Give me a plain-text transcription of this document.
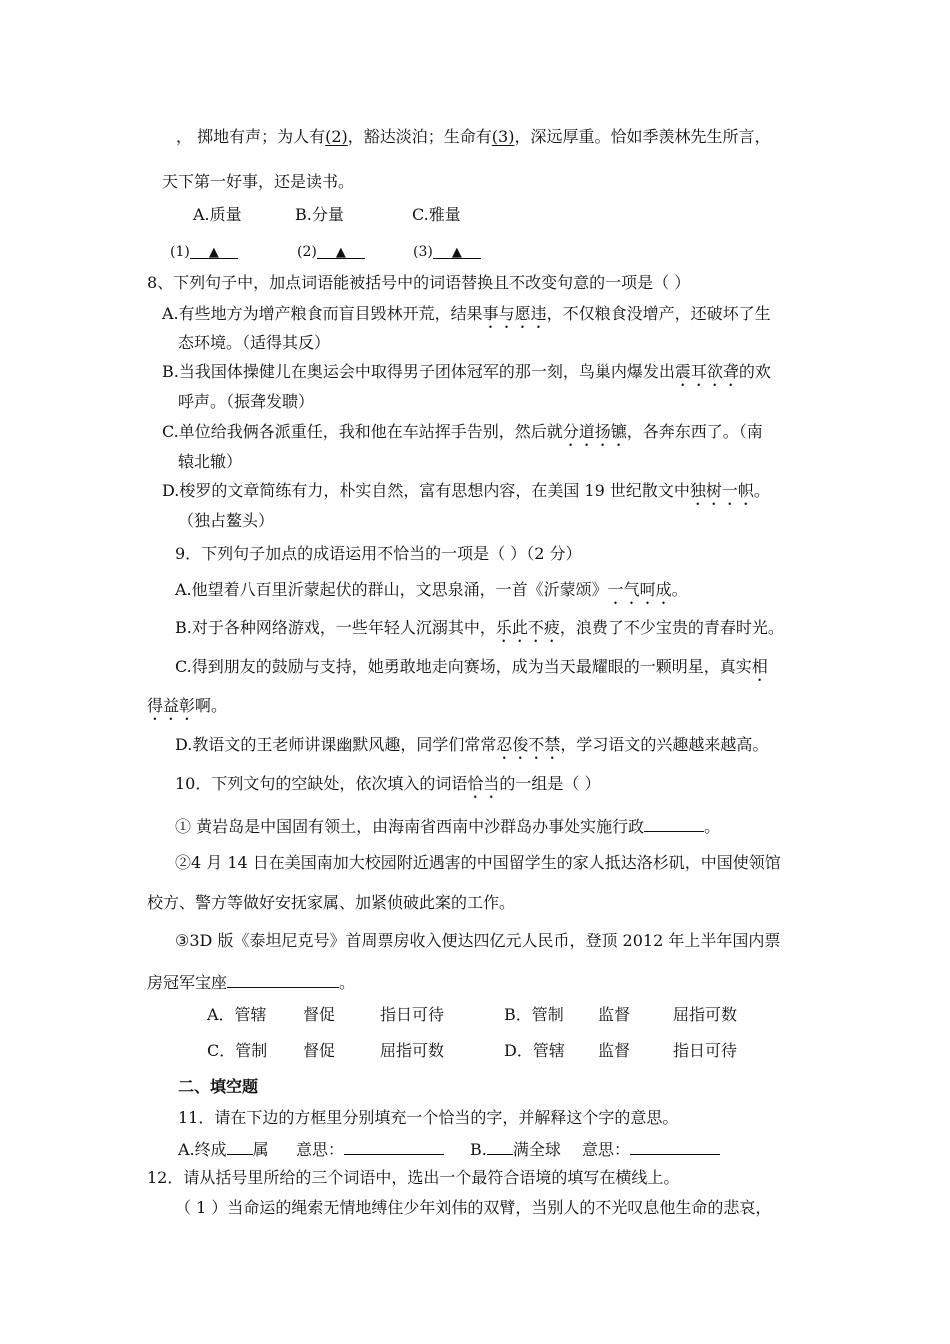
， 掷地有声；为人有(2)，豁达淡泊；生命有(3)，深远厚重。恰如季羡林先生所言，
天下第一好事，还是读书。
A.质量	B.分量	C.雅量
(1) ▲	(2) ▲	(3) ▲
8、下列句子中，加点词语能被括号中的词语替换且不改变句意的一项是（ ）
A.有些地方为增产粮食而盲目毁林开荒，结果事与愿违，不仅粮食没增产，还破坏了生
态环境。（适得其反）
B.当我国体操健儿在奥运会中取得男子团体冠军的那一刻，鸟巢内爆发出震耳欲聋的欢
呼声。（振聋发聩）
C.单位给我俩各派重任，我和他在车站挥手告别，然后就分道扬镳，各奔东西了。（南
辕北辙）
D.梭罗的文章简练有力，朴实自然，富有思想内容，在美国 19 世纪散文中独树一帜。
（独占鳌头）
9．下列句子加点的成语运用不恰当的一项是（ ）（2 分）
A.他望着八百里沂蒙起伏的群山，文思泉涌，一首《沂蒙颂》一气呵成。
B.对于各种网络游戏，一些年轻人沉溺其中，乐此不疲，浪费了不少宝贵的青春时光。
C.得到朋友的鼓励与支持，她勇敢地走向赛场，成为当天最耀眼的一颗明星，真实相
得益彰啊。
D.教语文的王老师讲课幽默风趣，同学们常常忍俊不禁，学习语文的兴趣越来越高。
10．下列文句的空缺处，依次填入的词语恰当的一组是（ ）
① 黄岩岛是中国固有领土，由海南省西南中沙群岛办事处实施行政	。
②4 月 14 日在美国南加大校园附近遇害的中国留学生的家人抵达洛杉矶，中国使领馆
校方、警方等做好安抚家属、加紧侦破此案的工作。
③3D 版《泰坦尼克号》首周票房收入便达四亿元人民币，登顶 2012 年上半年国内票
房冠军宝座	。
A．管辖 督促	指日可待	B．管制 监督	屈指可数
C．管制 督促	屈指可数	D．管辖 监督	指日可待
二、填空题
11．请在下边的方框里分别填充一个恰当的字，并解释这个字的意思。
A.终成 属 意思：	B. 满全球 意思：
12．请从括号里所给的三个词语中，选出一个最符合语境的填写在横线上。
（ 1 ）当命运的绳索无情地缚住少年刘伟的双臂，当别人的不光叹息他生命的悲哀，
